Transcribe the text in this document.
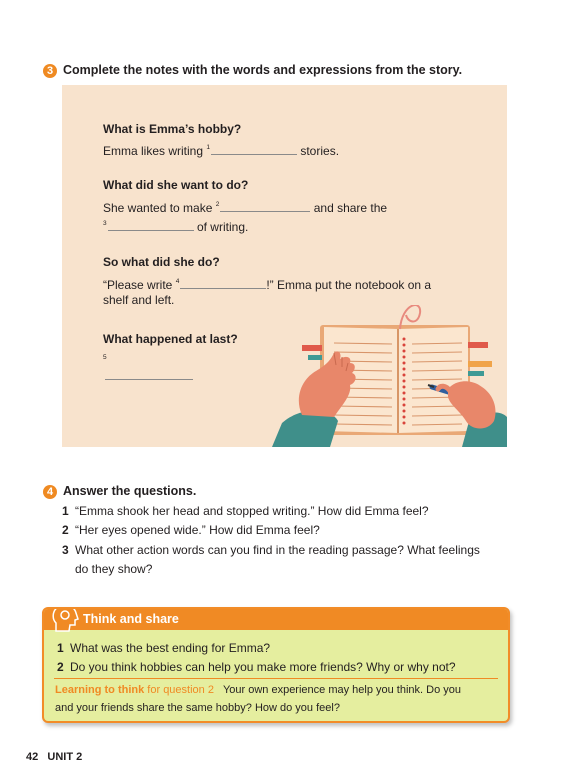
3 Complete the notes with the words and expressions from the story.
What is Emma’s hobby?
Emma likes writing $^1$	stories.
What did she want to do?
She wanted to make $^2$	and share the
$^3$	of writing.
So what did she do?
“Please write $^4$	!” Emma put the notebook on a
shelf and left.
What happened at last?
$^5$

4 Answer the questions.
1 “Emma shook her head and stopped writing.” How did Emma feel?
2 “Her eyes opened wide.” How did Emma feel?
3 What other action words can you find in the reading passage? What feelings
do they show?
Think and share
1 What was the best ending for Emma?
2 Do you think hobbies can help you make more friends? Why or why not?
Learning to think for question 2 Your own experience may help you think. Do you
and your friends share the same hobby? How do you feel?
42 UNIT 2
